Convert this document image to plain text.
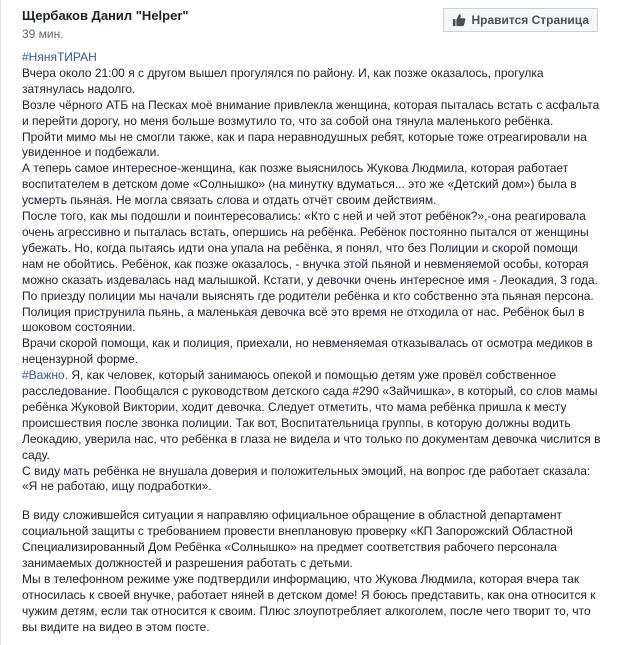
Щербаков Данил "Helper"
39 мин.
Нравится Страница

#НяняТИРАН

Вчера около 21:00 я с другом вышел прогулялся по району. И, как позже оказалось, прогулка затянулась надолго.

Возле чёрного АТБ на Песках моё внимание привлекла женщина, которая пыталась встать с асфальта и перейти дорогу, но меня больше возмутило то, что за собой она тянула маленького ребёнка.

Пройти мимо мы не смогли также, как и пара неравнодушных ребят, которые тоже отреагировали на увиденное и подбежали.

А теперь самое интересное-женщина, как позже выяснилось Жукова Людмила, которая работает воспитателем в детском доме «Солнышко» (на минутку вдуматься... это же «Детский дом») была в усмерть пьяная. Не могла связать слова и отдать отчёт своим действиям.

После того, как мы подошли и поинтересовались: «Кто с ней и чей этот ребёнок?»,-она реагировала очень агрессивно и пыталась встать, опершись на ребёнка. Ребёнок постоянно пытался от женщины убежать. Но, когда пытаясь идти она упала на ребёнка, я понял, что без Полиции и скорой помощи нам не обойтись. Ребёнок, как позже оказалось, - внучка этой пьяной и невменяемой особы, которая можно сказать издевалась над малышкой. Кстати, у девочки очень интересное имя - Леокадия, 3 года.

По приезду полиции мы начали выяснять где родители ребёнка и кто собственно эта пьяная персона. Полиция приструнила пьянь, а маленькая девочка всё это время не отходила от нас. Ребёнок был в шоковом состоянии.

Врачи скорой помощи, как и полиция, приехали, но невменяемая отказывалась от осмотра медиков в нецензурной форме.

#Важно. Я, как человек, который занимаюсь опекой и помощью детям уже провёл собственное расследование. Пообщался с руководством детского сада #290 «Зайчишка», в который, со слов мамы ребёнка Жуковой Виктории, ходит девочка. Следует отметить, что мама ребёнка пришла к месту происшествия после звонка полиции. Так вот, Воспитательница группы, в которую должны водить Леокадию, уверила нас, что ребёнка в глаза не видела и что только по документам девочка числится в саду.

С виду мать ребёнка не внушала доверия и положительных эмоций, на вопрос где работает сказала: «Я не работаю, ищу подработки».

В виду сложившейся ситуации я направляю официальное обращение в областной департамент социальной защиты с требованием провести внеплановую проверку «КП Запорожский Областной Специализированный Дом Ребёнка «Солнышко» на предмет соответствия рабочего персонала занимаемых должностей и разрешения работать с детьми.

Мы в телефонном режиме уже подтвердили информацию, что Жукова Людмила, которая вчера так относилась к своей внучке, работает няней в детском доме! Я боюсь представить, как она относится к чужим детям, если так относится к своим. Плюс злоупотребляет алкоголем, после чего творит то, что вы видите на видео в этом посте.
